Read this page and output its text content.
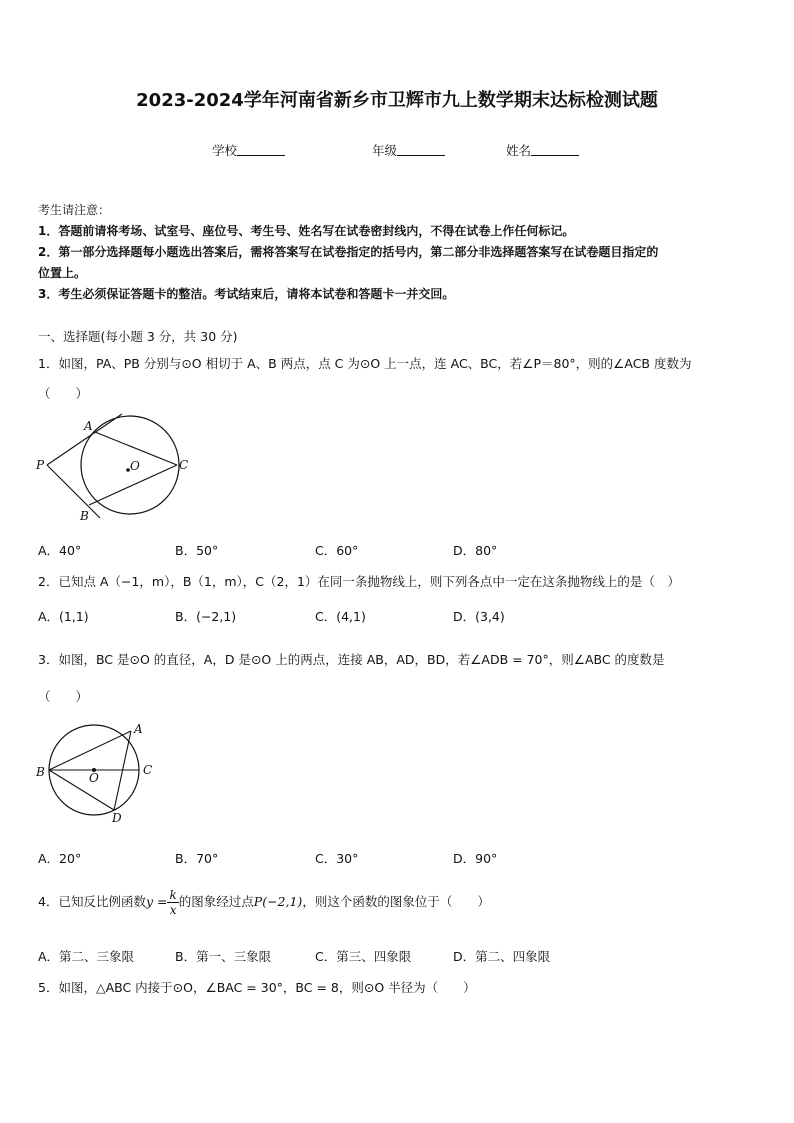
2023-2024学年河南省新乡市卫辉市九上数学期末达标检测试题
学校	年级	姓名
考生请注意：
1．答题前请将考场、试室号、座位号、考生号、姓名写在试卷密封线内，不得在试卷上作任何标记。
2．第一部分选择题每小题选出答案后，需将答案写在试卷指定的括号内，第二部分非选择题答案写在试卷题目指定的
位置上。
3．考生必须保证答题卡的整洁。考试结束后，请将本试卷和答题卡一并交回。
一、选择题(每小题 3 分，共 30 分)
1．如图，PA、PB 分别与⊙O 相切于 A、B 两点，点 C 为⊙O 上一点，连 AC、BC，若∠P＝80°，则的∠ACB 度数为
（　　）
A
P	O	C
B
A．40°	B．50°	C．60°	D．80°
2．已知点 A（−1，m），B（1，m），C（2，1）在同一条抛物线上，则下列各点中一定在这条抛物线上的是（　）
A．(1,1)	B．(−2,1)	C．(4,1)	D．(3,4)
3．如图，BC 是⊙O 的直径，A，D 是⊙O 上的两点，连接 AB，AD，BD，若∠ADB = 70°，则∠ABC 的度数是
（　　）
A
B	O
C
D
A．20°	B．70°	C．30°	D．90°
4．已知反比例函数$y = \frac{k}{x}$ 的图象经过点P(−2,1)，则这个函数的图象位于（　　）
A．第二、三象限	B．第一、三象限	C．第三、四象限	D．第二、四象限
5．如图，△ABC 内接于⊙O，∠BAC = 30°，BC = 8，则⊙O 半径为（　　）
